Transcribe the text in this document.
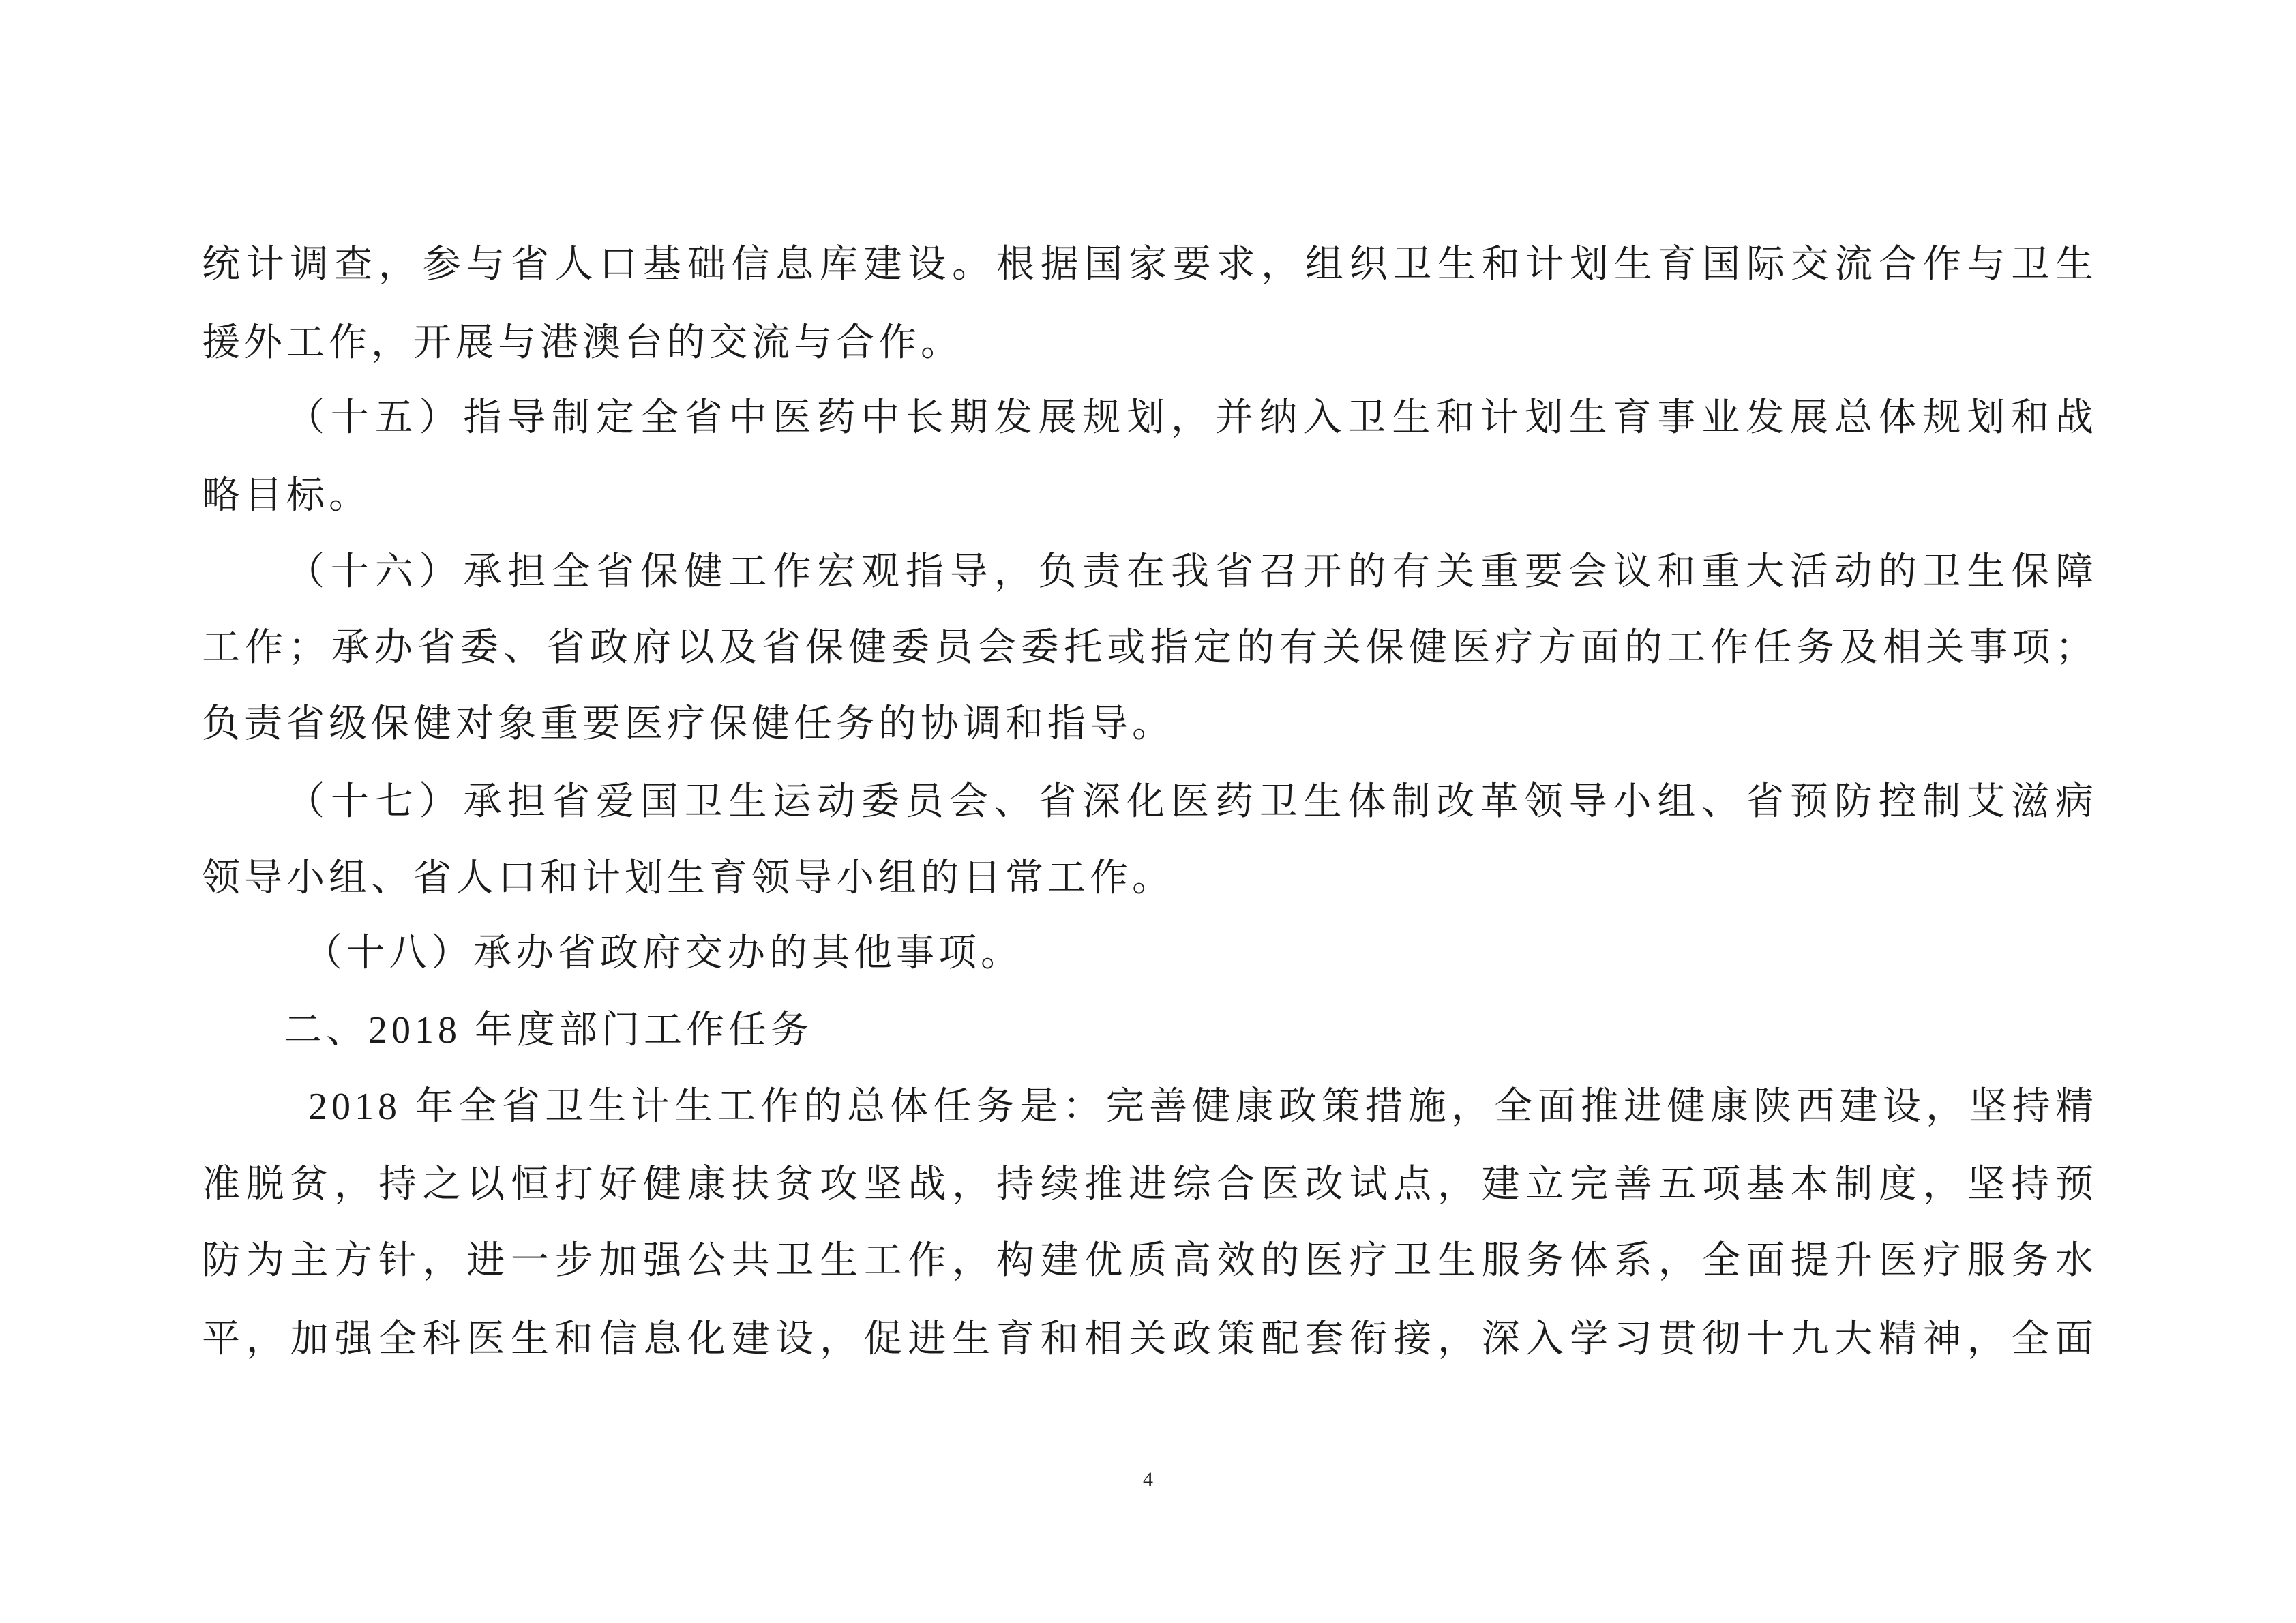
统计调查，参与省人口基础信息库建设。根据国家要求，组织卫生和计划生育国际交流合作与卫生
援外工作，开展与港澳台的交流与合作。
（十五）指导制定全省中医药中长期发展规划，并纳入卫生和计划生育事业发展总体规划和战
略目标。
（十六）承担全省保健工作宏观指导，负责在我省召开的有关重要会议和重大活动的卫生保障
工作；承办省委、省政府以及省保健委员会委托或指定的有关保健医疗方面的工作任务及相关事项；
负责省级保健对象重要医疗保健任务的协调和指导。
（十七）承担省爱国卫生运动委员会、省深化医药卫生体制改革领导小组、省预防控制艾滋病
领导小组、省人口和计划生育领导小组的日常工作。
（十八）承办省政府交办的其他事项。
二、2018 年度部门工作任务
2018 年全省卫生计生工作的总体任务是：完善健康政策措施，全面推进健康陕西建设，坚持精
准脱贫，持之以恒打好健康扶贫攻坚战，持续推进综合医改试点，建立完善五项基本制度，坚持预
防为主方针，进一步加强公共卫生工作，构建优质高效的医疗卫生服务体系，全面提升医疗服务水
平，加强全科医生和信息化建设，促进生育和相关政策配套衔接，深入学习贯彻十九大精神，全面
4
